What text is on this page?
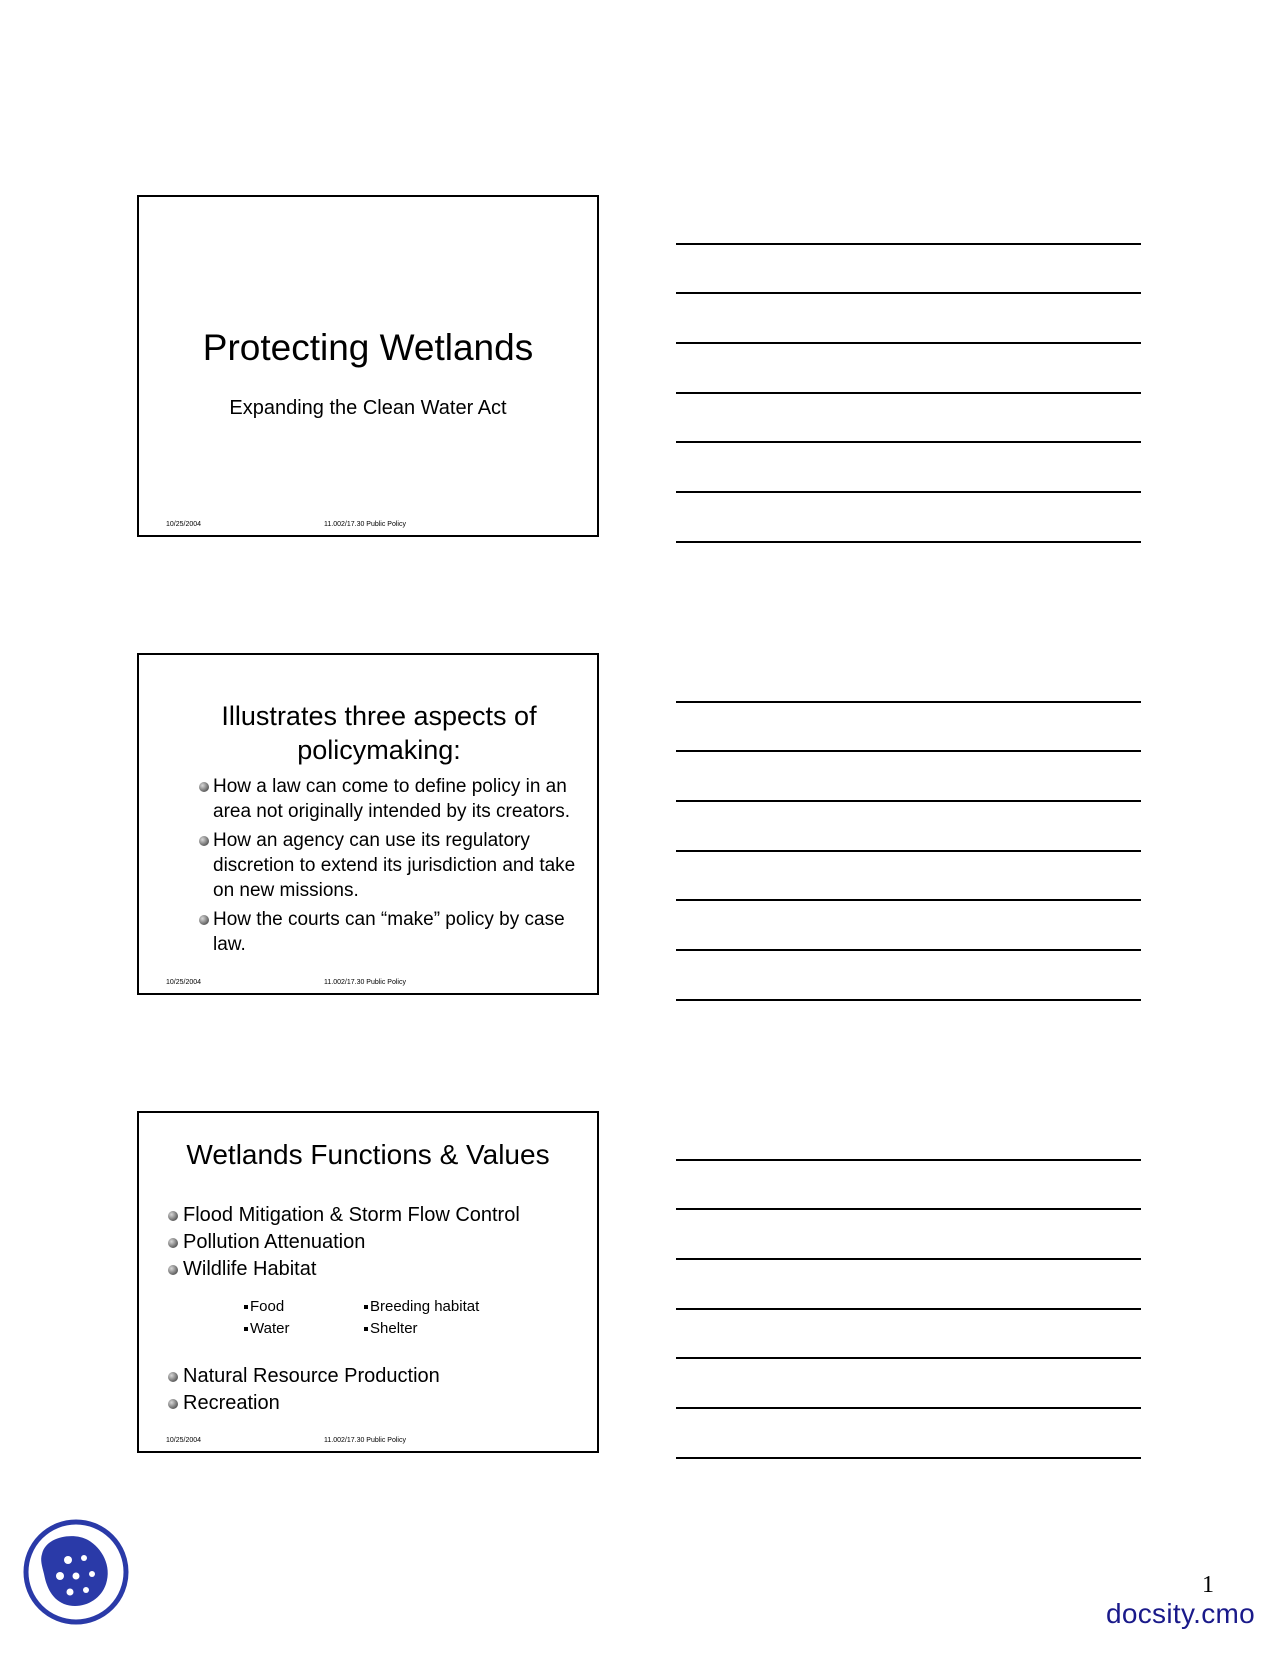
Protecting Wetlands
Expanding the Clean Water Act
10/25/2004	11.002/17.30 Public Policy
Illustrates three aspects of policymaking:
How a law can come to define policy in an area not originally intended by its creators.
How an agency can use its regulatory discretion to extend its jurisdiction and take on new missions.
How the courts can “make” policy by case law.
10/25/2004	11.002/17.30 Public Policy
Wetlands Functions & Values
Flood Mitigation & Storm Flow Control
Pollution Attenuation
Wildlife Habitat
Food
Water
Breeding habitat
Shelter
Natural Resource Production
Recreation
10/25/2004	11.002/17.30 Public Policy
1
docsity.cmo
